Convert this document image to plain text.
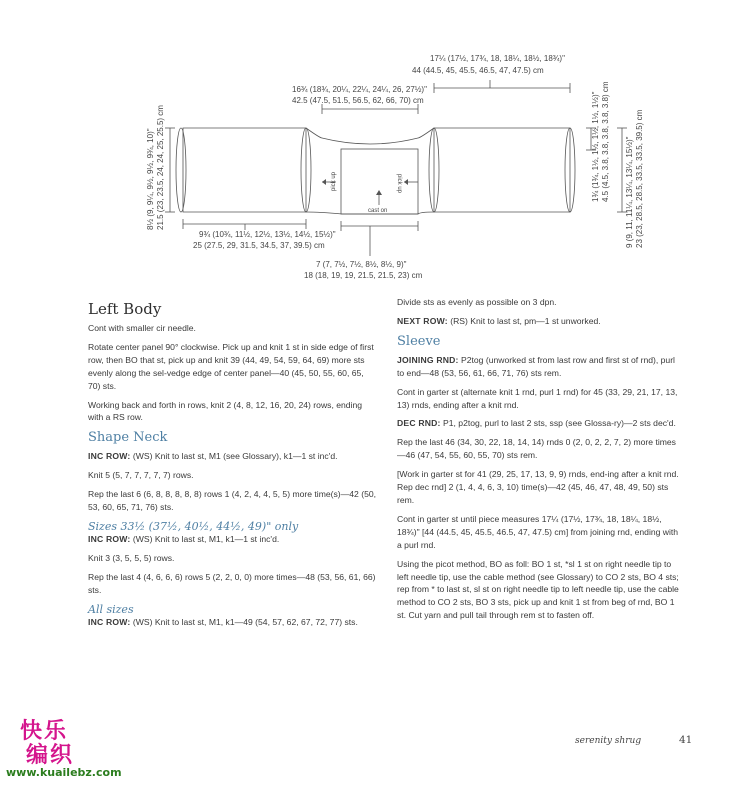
17¼ (17½, 17¾, 18, 18¼, 18½, 18¾)"
44 (44.5, 45, 45.5, 46.5, 47, 47.5) cm
16¾ (18¾, 20¼, 22¼, 24¼, 26, 27½)"
42.5 (47.5, 51.5, 56.5, 62, 66, 70) cm
8½ (9, 9¼, 9½, 9½, 9¾, 10)" 21.5 (23, 23.5, 24, 24, 25, 25.5) cm
9¾ (10¾, 11½, 12½, 13½, 14½, 15½)"
25 (27.5, 29, 31.5, 34.5, 37, 39.5) cm
7 (7, 7½, 7½, 8½, 8½, 9)"
18 (18, 19, 19, 21.5, 21.5, 23) cm
1¾ (1¾, 1½, 1½, 1½, 1½, 1½)" 4.5 (4.5, 3.8, 3.8, 3.8, 3.8, 3.8) cm 9 (9, 11, 11¼, 13¼, 13¼, 15½)" 23 (23, 28.5, 28.5, 33.5, 33.5, 39.5) cm
pick up	pick up
cast on
Left Body

Cont with smaller cir needle.

Rotate center panel 90° clockwise. Pick up and knit 1 st in side edge of first row, then BO that st, pick up and knit 39 (44, 49, 54, 59, 64, 69) more sts evenly along the sel-vedge edge of center panel—40 (45, 50, 55, 60, 65, 70) sts.

Working back and forth in rows, knit 2 (4, 8, 12, 16, 20, 24) rows, ending with a RS row.

Shape Neck

INC ROW: (WS) Knit to last st, M1 (see Glossary), k1—1 st inc'd.

Knit 5 (5, 7, 7, 7, 7, 7) rows.

Rep the last 6 (6, 8, 8, 8, 8, 8) rows 1 (4, 2, 4, 4, 5, 5) more time(s)—42 (50, 53, 60, 65, 71, 76) sts.

Sizes 33½ (37½, 40½, 44½, 49)" only

INC ROW: (WS) Knit to last st, M1, k1—1 st inc'd.

Knit 3 (3, 5, 5, 5) rows.

Rep the last 4 (4, 6, 6, 6) rows 5 (2, 2, 0, 0) more times—48 (53, 56, 61, 66) sts.

All sizes

INC ROW: (WS) Knit to last st, M1, k1—49 (54, 57, 62, 67, 72, 77) sts.

Divide sts as evenly as possible on 3 dpn.

NEXT ROW: (RS) Knit to last st, pm—1 st unworked.

Sleeve

JOINING RND: P2tog (unworked st from last row and first st of rnd), purl to end—48 (53, 56, 61, 66, 71, 76) sts rem.

Cont in garter st (alternate knit 1 rnd, purl 1 rnd) for 45 (33, 29, 21, 17, 13, 13) rnds, ending after a knit rnd.

DEC RND: P1, p2tog, purl to last 2 sts, ssp (see Glossa-ry)—2 sts dec'd.

Rep the last 46 (34, 30, 22, 18, 14, 14) rnds 0 (2, 0, 2, 2, 7, 2) more times—46 (47, 54, 55, 60, 55, 70) sts rem.

[Work in garter st for 41 (29, 25, 17, 13, 9, 9) rnds, end-ing after a knit rnd. Rep dec rnd] 2 (1, 4, 4, 6, 3, 10) time(s)—42 (45, 46, 47, 48, 49, 50) sts rem.

Cont in garter st until piece measures 17¼ (17½, 17¾, 18, 18¼, 18½, 18¾)" [44 (44.5, 45, 45.5, 46.5, 47, 47.5) cm] from joining rnd, ending with a purl rnd.

Using the picot method, BO as foll: BO 1 st, *sl 1 st on right needle tip to left needle tip, use the cable method (see Glossary) to CO 2 sts, BO 4 sts; rep from * to last st, sl st on right needle tip to left needle tip, use the cable method to CO 2 sts, BO 3 sts, pick up and knit 1 st from beg of rnd, BO 1 st. Cut yarn and pull tail through rem st to fasten off.

serenity shrug	41
快乐
编织
www.kuailebz.com
